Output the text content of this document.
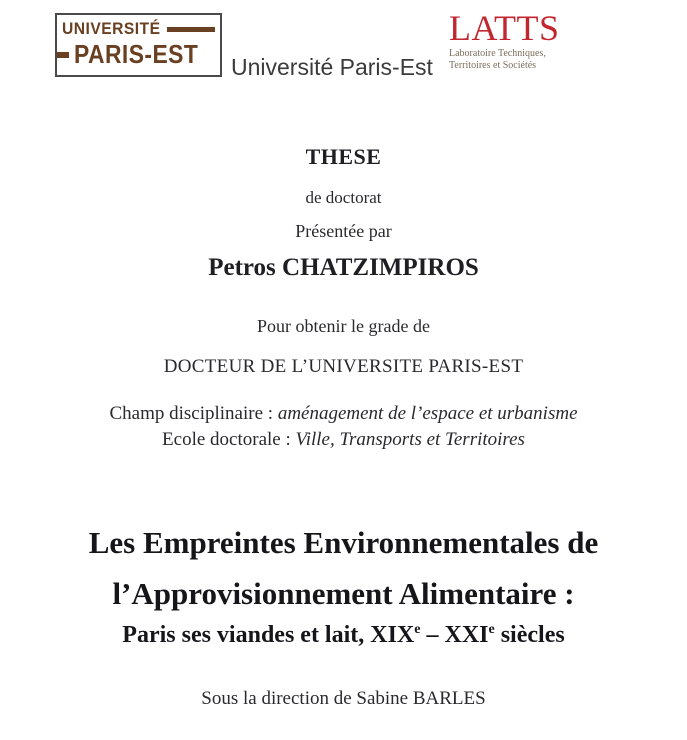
UNIVERSITÉ
PARIS-EST Université Paris-Est
LATTS
Laboratoire Techniques,
Territoires et Sociétés
THESE
de doctorat
Présentée par
Petros CHATZIMPIROS
Pour obtenir le grade de
DOCTEUR DE L’UNIVERSITE PARIS-EST
Champ disciplinaire : aménagement de l’espace et urbanisme
Ecole doctorale : Ville, Transports et Territoires
Les Empreintes Environnementales de
l’Approvisionnement Alimentaire :
Paris ses viandes et lait, XIXe – XXIe siècles
Sous la direction de Sabine BARLES
